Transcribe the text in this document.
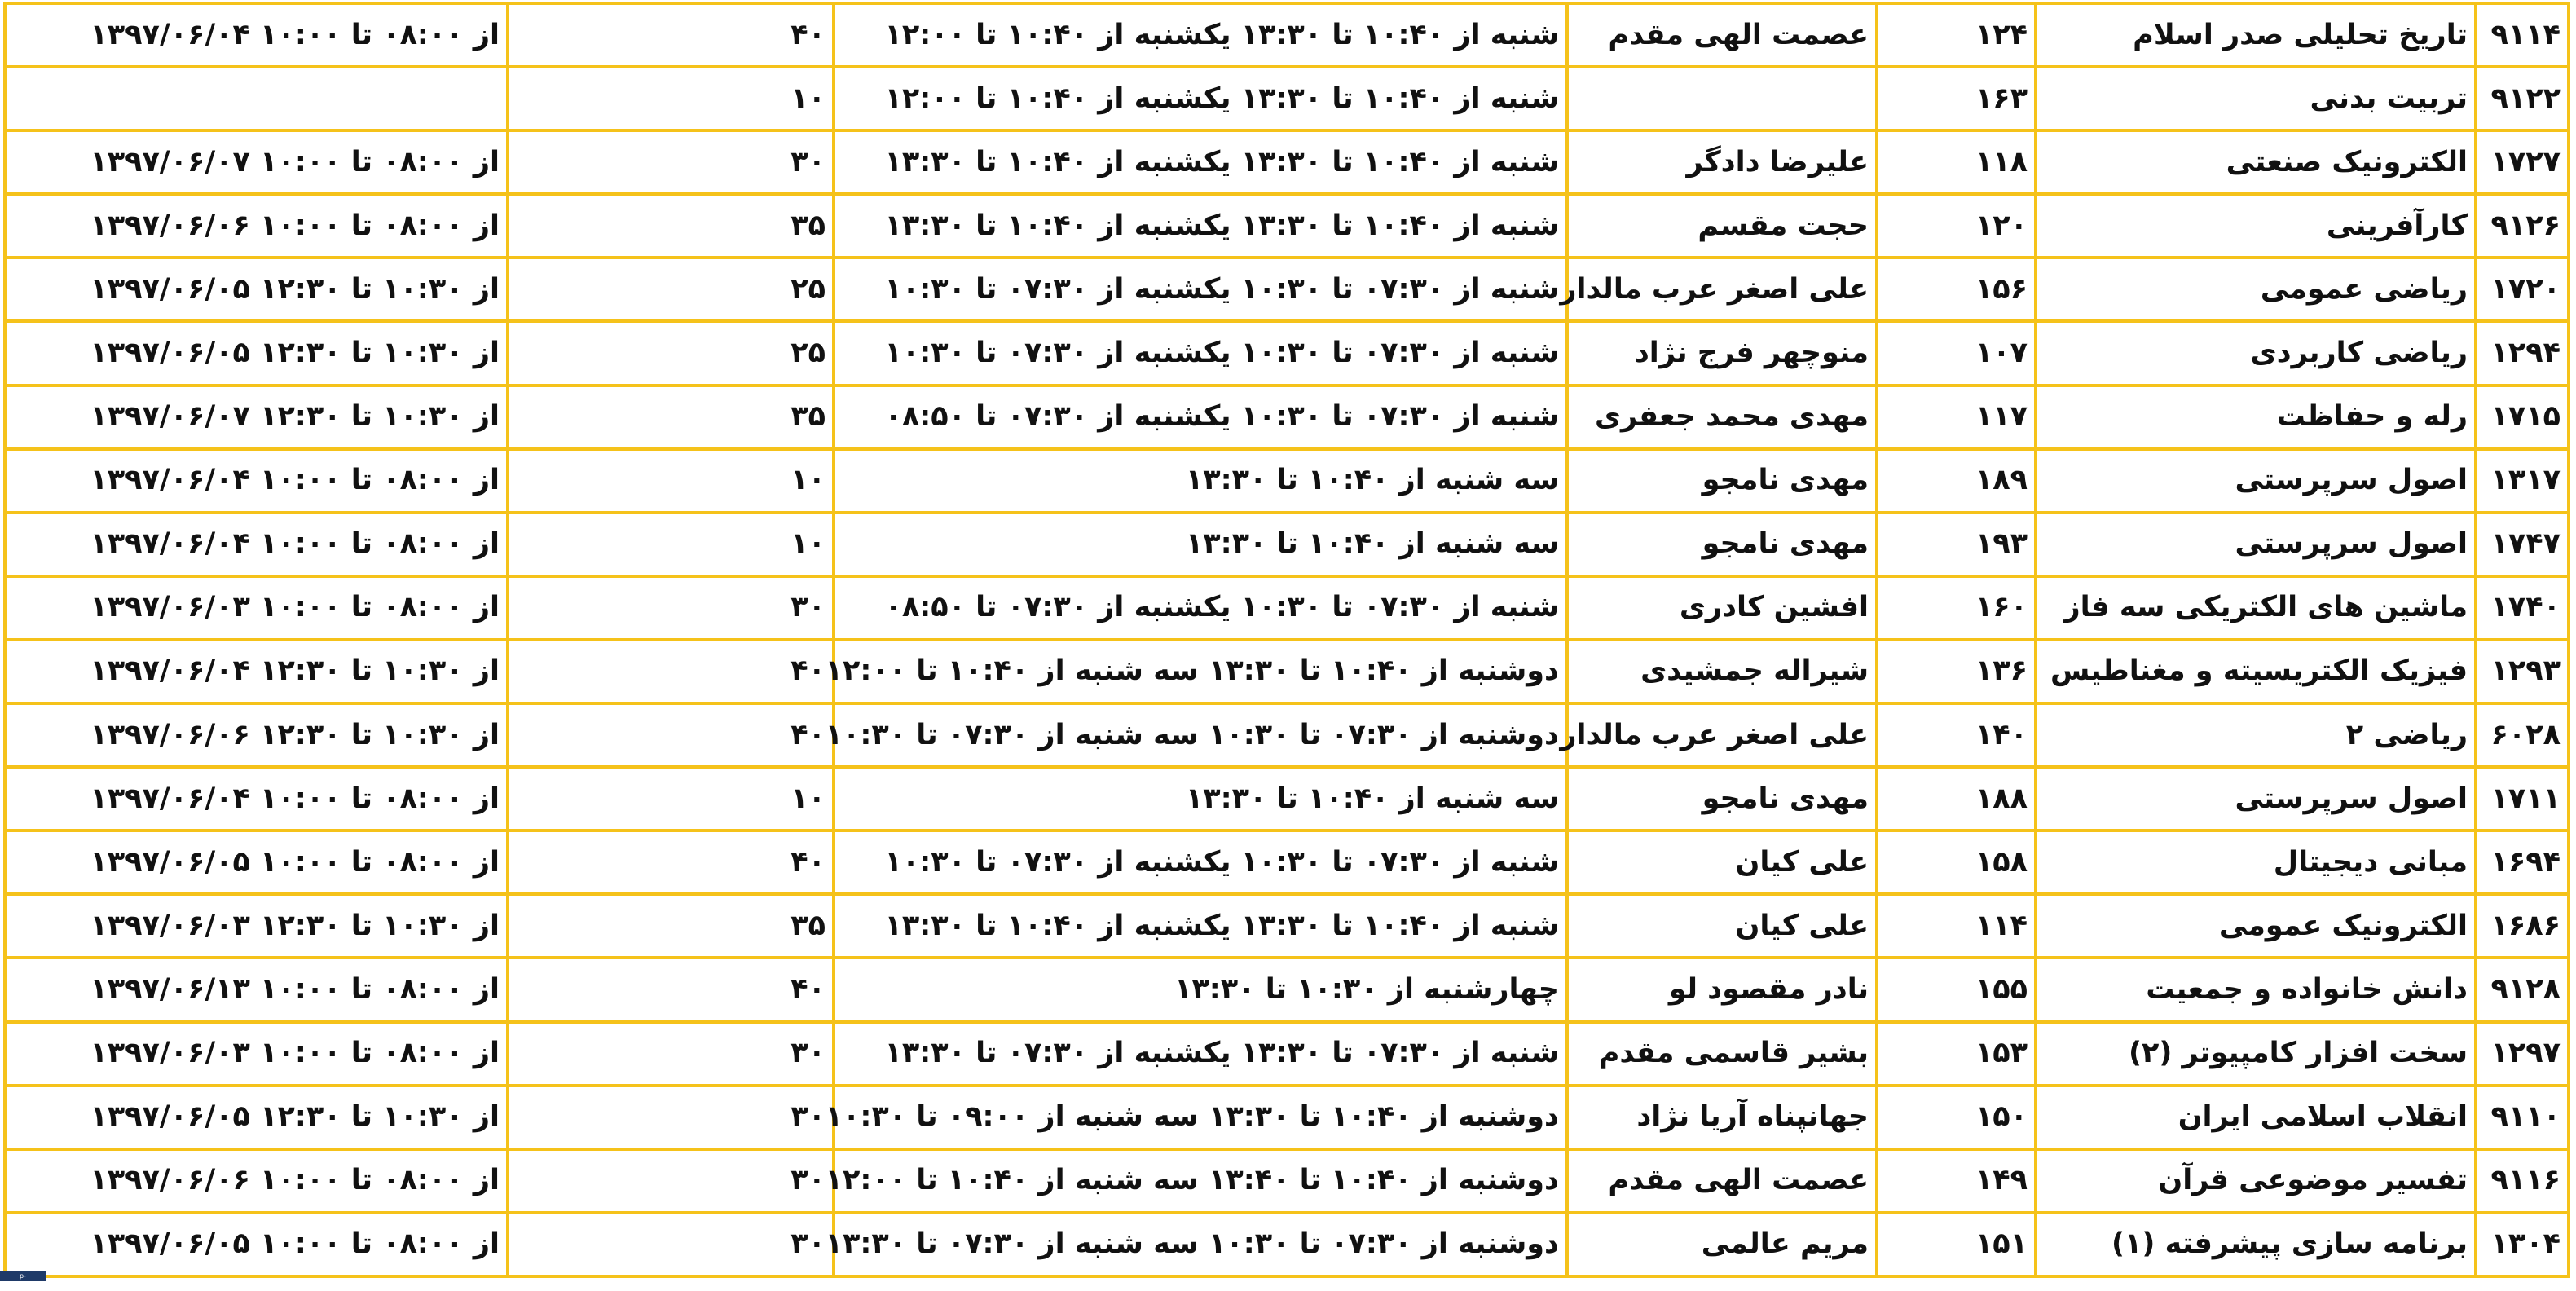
۹۱۱۴	تاریخ تحلیلی صدر اسلام	۱۲۴	عصمت الهی مقدم	شنبه از ۱۰:۴۰ تا ۱۳:۳۰ یکشنبه از ۱۰:۴۰ تا ۱۲:۰۰	۴۰	از ۰۸:۰۰ تا ۱۰:۰۰ ۱۳۹۷/۰۶/۰۴
۹۱۲۲	تربیت بدنی	۱۶۳		شنبه از ۱۰:۴۰ تا ۱۳:۳۰ یکشنبه از ۱۰:۴۰ تا ۱۲:۰۰	۱۰	
۱۷۲۷	الکترونیک صنعتی	۱۱۸	علیرضا دادگر	شنبه از ۱۰:۴۰ تا ۱۳:۳۰ یکشنبه از ۱۰:۴۰ تا ۱۳:۳۰	۳۰	از ۰۸:۰۰ تا ۱۰:۰۰ ۱۳۹۷/۰۶/۰۷
۹۱۲۶	کارآفرینی	۱۲۰	حجت مقسم	شنبه از ۱۰:۴۰ تا ۱۳:۳۰ یکشنبه از ۱۰:۴۰ تا ۱۳:۳۰	۳۵	از ۰۸:۰۰ تا ۱۰:۰۰ ۱۳۹۷/۰۶/۰۶
۱۷۲۰	ریاضی عمومی	۱۵۶	علی اصغر عرب مالدار	شنبه از ۰۷:۳۰ تا ۱۰:۳۰ یکشنبه از ۰۷:۳۰ تا ۱۰:۳۰	۲۵	از ۱۰:۳۰ تا ۱۲:۳۰ ۱۳۹۷/۰۶/۰۵
۱۲۹۴	ریاضی کاربردی	۱۰۷	منوچهر فرج نژاد	شنبه از ۰۷:۳۰ تا ۱۰:۳۰ یکشنبه از ۰۷:۳۰ تا ۱۰:۳۰	۲۵	از ۱۰:۳۰ تا ۱۲:۳۰ ۱۳۹۷/۰۶/۰۵
۱۷۱۵	رله و حفاظت	۱۱۷	مهدی محمد جعفری	شنبه از ۰۷:۳۰ تا ۱۰:۳۰ یکشنبه از ۰۷:۳۰ تا ۰۸:۵۰	۳۵	از ۱۰:۳۰ تا ۱۲:۳۰ ۱۳۹۷/۰۶/۰۷
۱۳۱۷	اصول سرپرستی	۱۸۹	مهدی نامجو	سه شنبه از ۱۰:۴۰ تا ۱۳:۳۰	۱۰	از ۰۸:۰۰ تا ۱۰:۰۰ ۱۳۹۷/۰۶/۰۴
۱۷۴۷	اصول سرپرستی	۱۹۳	مهدی نامجو	سه شنبه از ۱۰:۴۰ تا ۱۳:۳۰	۱۰	از ۰۸:۰۰ تا ۱۰:۰۰ ۱۳۹۷/۰۶/۰۴
۱۷۴۰	ماشین های الکتریکی سه فاز	۱۶۰	افشین کادری	شنبه از ۰۷:۳۰ تا ۱۰:۳۰ یکشنبه از ۰۷:۳۰ تا ۰۸:۵۰	۳۰	از ۰۸:۰۰ تا ۱۰:۰۰ ۱۳۹۷/۰۶/۰۳
۱۲۹۳	فیزیک الکتریسیته و مغناطیس	۱۳۶	شیراله جمشیدی	دوشنبه از ۱۰:۴۰ تا ۱۳:۳۰ سه شنبه از ۱۰:۴۰ تا ۱۲:۰۰	۴۰	از ۱۰:۳۰ تا ۱۲:۳۰ ۱۳۹۷/۰۶/۰۴
۶۰۲۸	ریاضی ۲	۱۴۰	علی اصغر عرب مالدار	دوشنبه از ۰۷:۳۰ تا ۱۰:۳۰ سه شنبه از ۰۷:۳۰ تا ۱۰:۳۰	۴۰	از ۱۰:۳۰ تا ۱۲:۳۰ ۱۳۹۷/۰۶/۰۶
۱۷۱۱	اصول سرپرستی	۱۸۸	مهدی نامجو	سه شنبه از ۱۰:۴۰ تا ۱۳:۳۰	۱۰	از ۰۸:۰۰ تا ۱۰:۰۰ ۱۳۹۷/۰۶/۰۴
۱۶۹۴	مبانی دیجیتال	۱۵۸	علی کیان	شنبه از ۰۷:۳۰ تا ۱۰:۳۰ یکشنبه از ۰۷:۳۰ تا ۱۰:۳۰	۴۰	از ۰۸:۰۰ تا ۱۰:۰۰ ۱۳۹۷/۰۶/۰۵
۱۶۸۶	الکترونیک عمومی	۱۱۴	علی کیان	شنبه از ۱۰:۴۰ تا ۱۳:۳۰ یکشنبه از ۱۰:۴۰ تا ۱۳:۳۰	۳۵	از ۱۰:۳۰ تا ۱۲:۳۰ ۱۳۹۷/۰۶/۰۳
۹۱۲۸	دانش خانواده و جمعیت	۱۵۵	نادر مقصود لو	چهارشنبه از ۱۰:۳۰ تا ۱۳:۳۰	۴۰	از ۰۸:۰۰ تا ۱۰:۰۰ ۱۳۹۷/۰۶/۱۳
۱۲۹۷	سخت افزار کامپیوتر (۲)	۱۵۳	بشیر قاسمی مقدم	شنبه از ۰۷:۳۰ تا ۱۳:۳۰ یکشنبه از ۰۷:۳۰ تا ۱۳:۳۰	۳۰	از ۰۸:۰۰ تا ۱۰:۰۰ ۱۳۹۷/۰۶/۰۳
۹۱۱۰	انقلاب اسلامی ایران	۱۵۰	جهانپناه آریا نژاد	دوشنبه از ۱۰:۴۰ تا ۱۳:۳۰ سه شنبه از ۰۹:۰۰ تا ۱۰:۳۰	۳۰	از ۱۰:۳۰ تا ۱۲:۳۰ ۱۳۹۷/۰۶/۰۵
۹۱۱۶	تفسیر موضوعی قرآن	۱۴۹	عصمت الهی مقدم	دوشنبه از ۱۰:۴۰ تا ۱۳:۴۰ سه شنبه از ۱۰:۴۰ تا ۱۲:۰۰	۳۰	از ۰۸:۰۰ تا ۱۰:۰۰ ۱۳۹۷/۰۶/۰۶
۱۳۰۴	برنامه سازی پیشرفته (۱)	۱۵۱	مریم عالمی	دوشنبه از ۰۷:۳۰ تا ۱۰:۳۰ سه شنبه از ۰۷:۳۰ تا ۱۳:۳۰	۳۰	از ۰۸:۰۰ تا ۱۰:۰۰ ۱۳۹۷/۰۶/۰۵
p-gorgan.nus.ac.ir
